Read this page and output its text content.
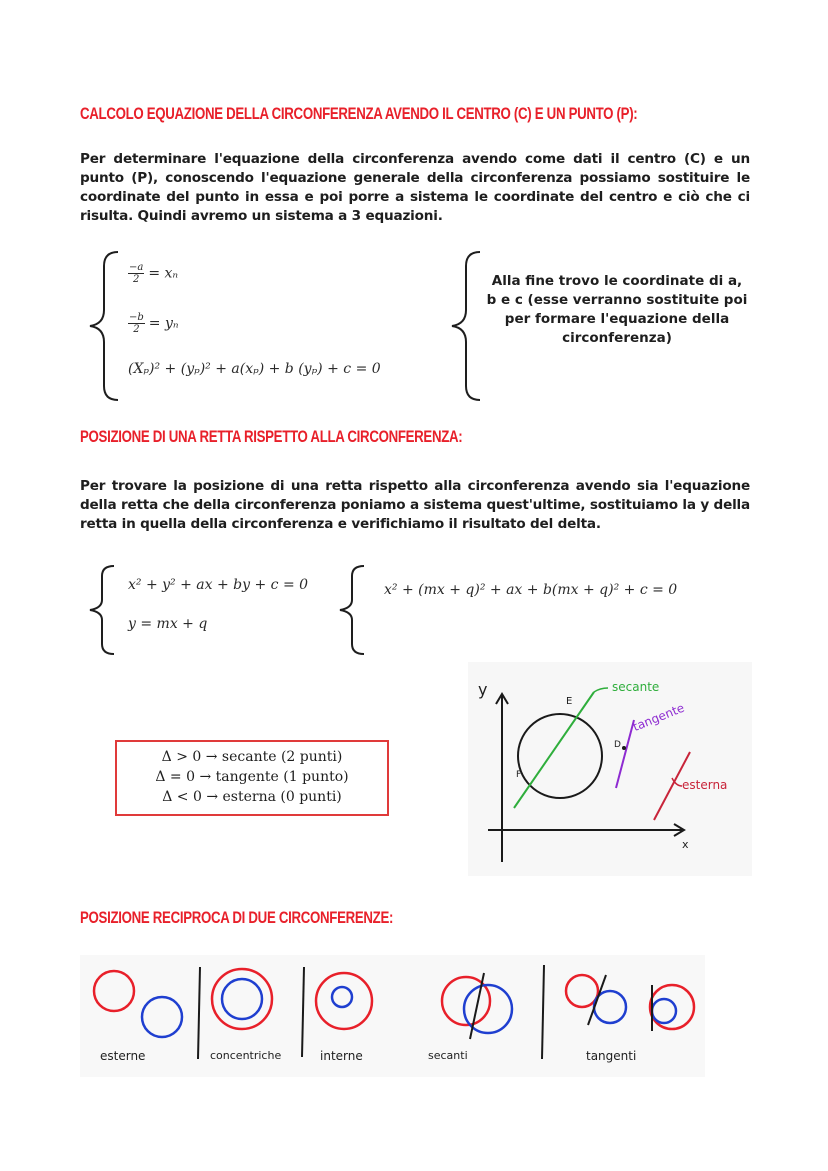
CALCOLO EQUAZIONE DELLA CIRCONFERENZA AVENDO IL CENTRO (C) E UN PUNTO (P):
Per determinare l'equazione della circonferenza avendo come dati il centro (C) e un punto (P), conoscendo l'equazione generale della circonferenza possiamo sostituire le coordinate del punto in essa e poi porre a sistema le coordinate del centro e ciò che ci risulta. Quindi avremo un sistema a 3 equazioni.
$\frac{-a}{2} = x_n$
$\frac{-b}{2} = y_n$
(Xₚ)² + (yₚ)² + a(xₚ) + b (yₚ) + c = 0
Alla fine trovo le coordinate di a, b e c (esse verranno sostituite poi per formare l'equazione della circonferenza)
POSIZIONE DI UNA RETTA RISPETTO ALLA CIRCONFERENZA:
Per trovare la posizione di una retta rispetto alla circonferenza avendo sia l'equazione della retta che della circonferenza poniamo a sistema quest'ultime, sostituiamo la y della retta in quella della circonferenza e verifichiamo il risultato del delta.
x² + y² + ax + by + c = 0
y = mx + q
x² + (mx + q)² + ax + b(mx + q)² + c = 0
Δ > 0 → secante (2 punti)
Δ = 0 → tangente (1 punto)
Δ < 0 → esterna (0 punti)
y
x
E
F
D
secante
tangente
esterna
POSIZIONE RECIPROCA DI DUE CIRCONFERENZE:
esterne	concentriche	interne	secanti	tangenti
